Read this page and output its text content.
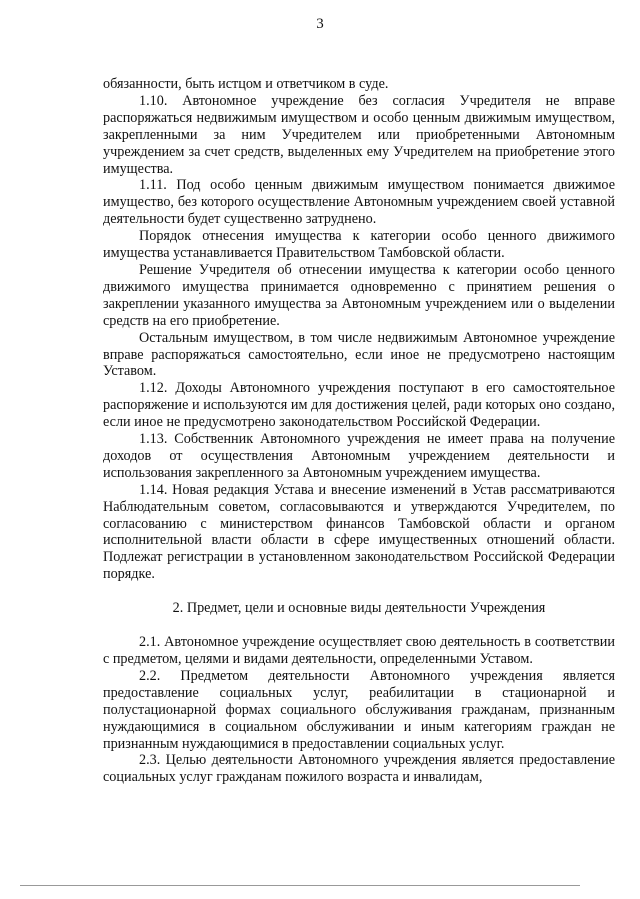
3

обязанности, быть истцом и ответчиком в суде.

1.10. Автономное учреждение без согласия Учредителя не вправе распоряжаться недвижимым имуществом и особо ценным движимым имуществом, закрепленными за ним Учредителем или приобретенными Автономным учреждением за счет средств, выделенных ему Учредителем на приобретение этого имущества.

1.11. Под особо ценным движимым имуществом понимается движимое имущество, без которого осуществление Автономным учреждением своей уставной деятельности будет существенно затруднено.

Порядок отнесения имущества к категории особо ценного движимого имущества устанавливается Правительством Тамбовской области.

Решение Учредителя об отнесении имущества к категории особо ценного движимого имущества принимается одновременно с принятием решения о закреплении указанного имущества за Автономным учреждением или о выделении средств на его приобретение.

Остальным имуществом, в том числе недвижимым Автономное учреждение вправе распоряжаться самостоятельно, если иное не предусмотрено настоящим Уставом.

1.12. Доходы Автономного учреждения поступают в его самостоятельное распоряжение и используются им для достижения целей, ради которых оно создано, если иное не предусмотрено законодательством Российской Федерации.

1.13. Собственник Автономного учреждения не имеет права на получение доходов от осуществления Автономным учреждением деятельности и использования закрепленного за Автономным учреждением имущества.

1.14. Новая редакция Устава и внесение изменений в Устав рассматриваются Наблюдательным советом, согласовываются и утверждаются Учредителем, по согласованию с министерством финансов Тамбовской области и органом исполнительной власти области в сфере имущественных отношений области. Подлежат регистрации в установленном законодательством Российской Федерации порядке.

2. Предмет, цели и основные виды деятельности Учреждения

2.1. Автономное учреждение осуществляет свою деятельность в соответствии с предметом, целями и видами деятельности, определенными Уставом.

2.2. Предметом деятельности Автономного учреждения является предоставление социальных услуг, реабилитации в стационарной и полустационарной формах социального обслуживания гражданам, признанным нуждающимися в социальном обслуживании и иным категориям граждан не признанным нуждающимися в предоставлении социальных услуг.

2.3. Целью деятельности Автономного учреждения является предоставление социальных услуг гражданам пожилого возраста и инвалидам,
